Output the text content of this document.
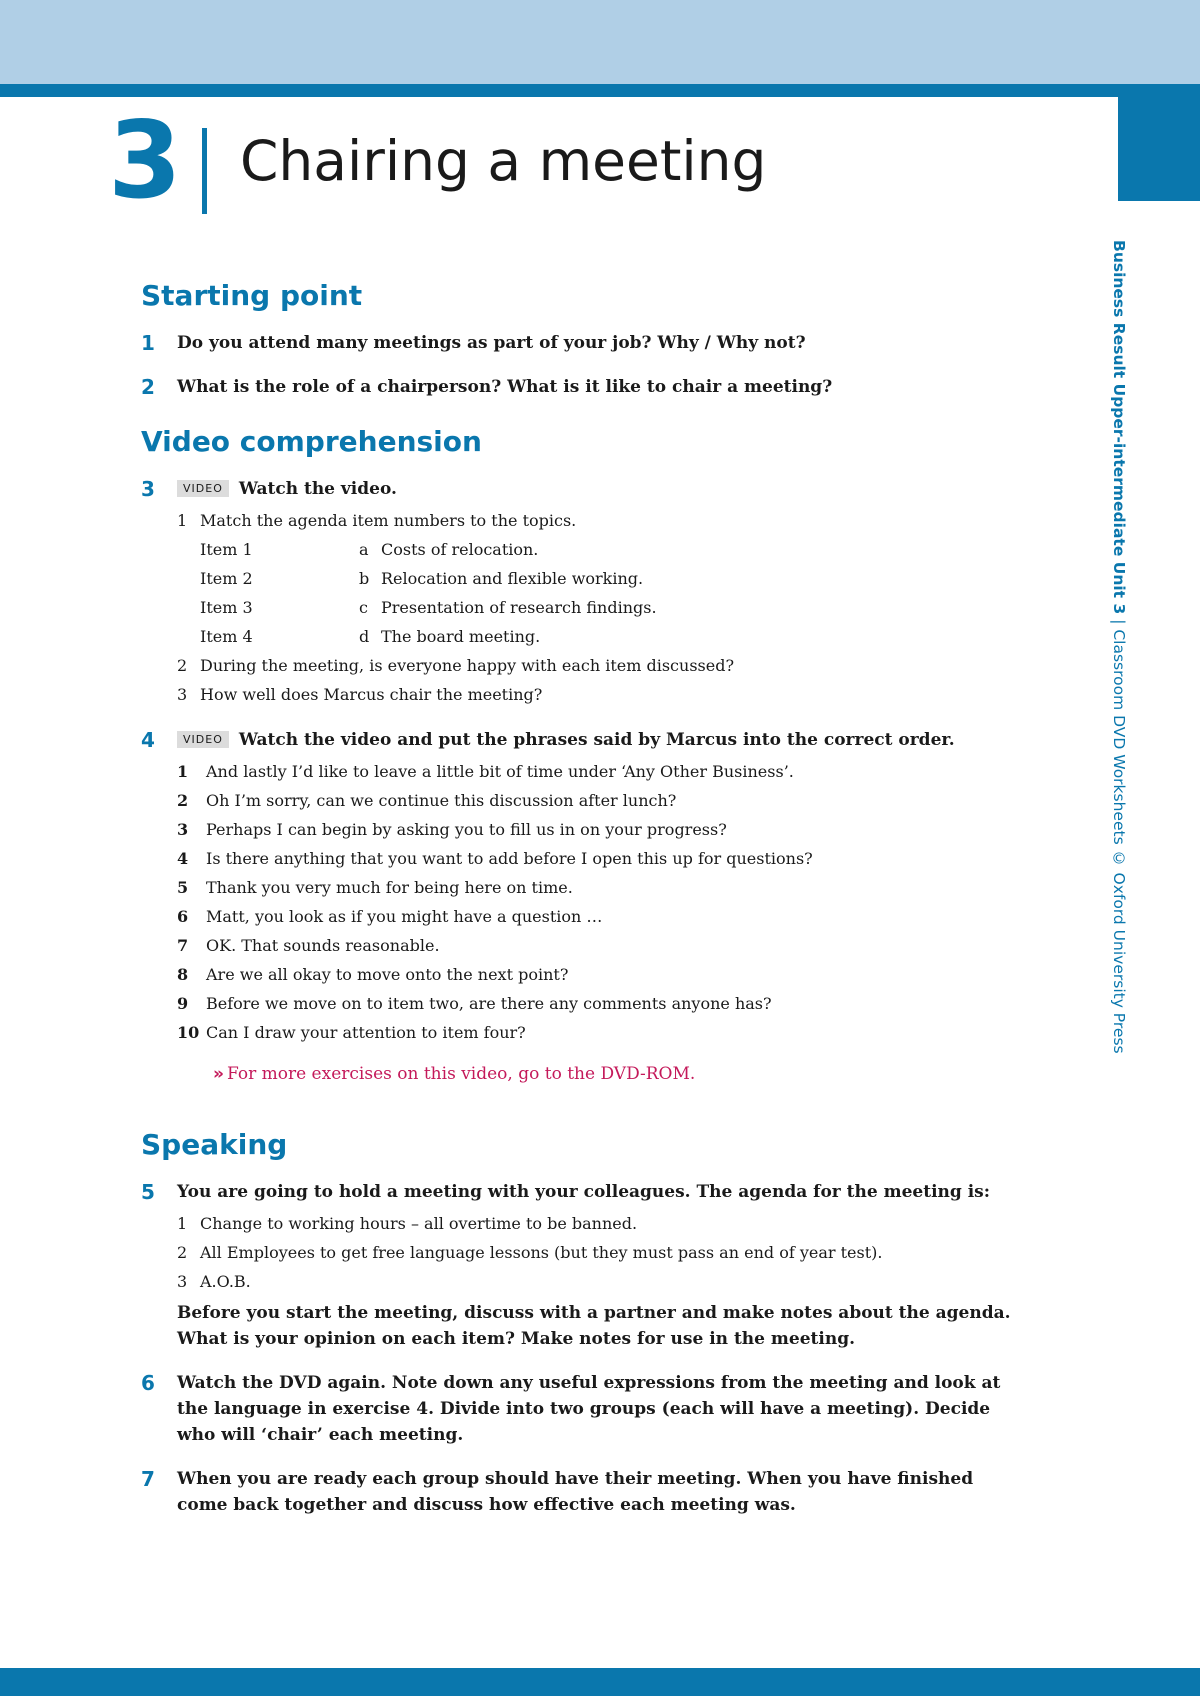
3 Chairing a meeting
Business Result Upper-intermediate Unit 3 | Classroom DVD Worksheets © Oxford University Press
Starting point
1 Do you attend many meetings as part of your job? Why / Why not?
2 What is the role of a chairperson? What is it like to chair a meeting?
Video comprehension
3	VIDEO Watch the video.
1 Match the agenda item numbers to the topics.
Item 1	a Costs of relocation.
Item 2	b Relocation and flexible working.
Item 3	c Presentation of research findings.
Item 4	d The board meeting.
2 During the meeting, is everyone happy with each item discussed?
3 How well does Marcus chair the meeting?
4	VIDEO Watch the video and put the phrases said by Marcus into the correct order.
1 And lastly I’d like to leave a little bit of time under ‘Any Other Business’.
2 Oh I’m sorry, can we continue this discussion after lunch?
3 Perhaps I can begin by asking you to fill us in on your progress?
4 Is there anything that you want to add before I open this up for questions?
5 Thank you very much for being here on time.
6 Matt, you look as if you might have a question …
7 OK. That sounds reasonable.
8 Are we all okay to move onto the next point?
9 Before we move on to item two, are there any comments anyone has?
10 Can I draw your attention to item four?
» For more exercises on this video, go to the DVD-ROM.
Speaking
5 You are going to hold a meeting with your colleagues. The agenda for the meeting is:
1 Change to working hours – all overtime to be banned.
2 All Employees to get free language lessons (but they must pass an end of year test).
3 A.O.B.
Before you start the meeting, discuss with a partner and make notes about the agenda. What is your opinion on each item? Make notes for use in the meeting.
6 Watch the DVD again. Note down any useful expressions from the meeting and look at the language in exercise 4. Divide into two groups (each will have a meeting). Decide who will ‘chair’ each meeting.
7 When you are ready each group should have their meeting. When you have finished come back together and discuss how effective each meeting was.
